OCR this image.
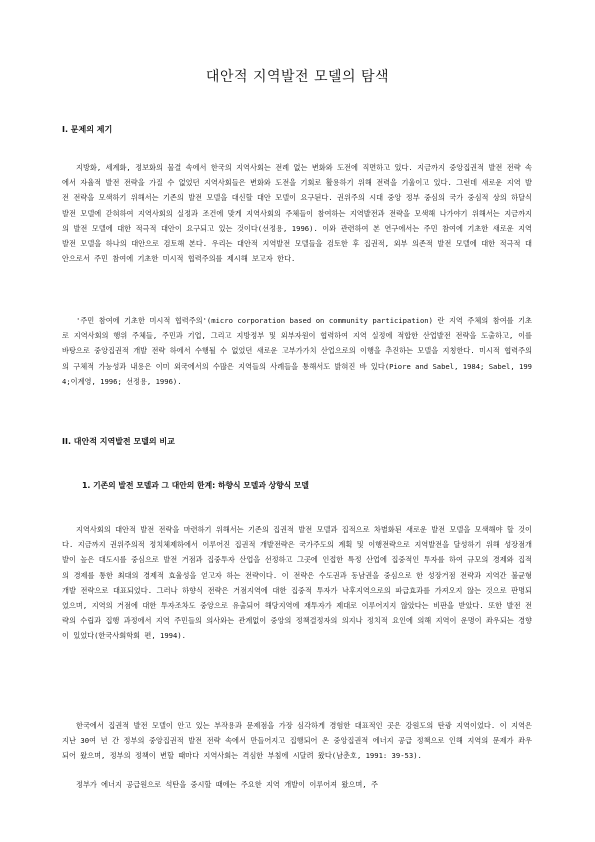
대안적 지역발전 모델의 탐색
I. 문제의 제기

지방화, 세계화, 정보화의 물결 속에서 한국의 지역사회는 전례 없는 변화와 도전에 직면하고 있다. 지금까지 중앙집권적 발전 전략 속에서 자율적 발전 전략을 가질 수 없었던 지역사회들은 변화와 도전을 기회로 활용하기 위해 전력을 기울이고 있다. 그런데 새로운 지역 발전 전략을 모색하기 위해서는 기존의 발전 모델을 대신할 대안 모델이 요구된다. 권위주의 시대 중앙 정부 중심의 국가 중심적 상의 하달식 발전 모델에 갇혀하여 지역사회의 실정과 조건에 맞게 지역사회의 주체들이 참여하는 지역발전과 전략을 모색해 나가야기 위해서는 지금까지의 발전 모델에 대한 적극적 대안이 요구되고 있는 것이다(선정용, 1996). 이와 관련하여 본 연구에서는 주민 참여에 기초한 새로운 지역발전 모델을 하나의 대안으로 검토해 본다. 우리는 대안적 지역발전 모델들을 검토한 후 집권적, 외부 의존적 발전 모델에 대한 적극적 대안으로서 주민 참여에 기초한 미시적 협력주의를 제시해 보고자 한다.

'주민 참여에 기초한 미시적 협력주의'(micro corporation based on community participation) 란 지역 주체의 참여를 기초로 지역사회의 행위 주체들, 주민과 기업, 그리고 지방정부 및 외부자원이 협력하여 지역 실정에 적합한 산업발전 전략을 도출하고, 이를 바탕으로 중앙집권적 개발 전략 하에서 수행될 수 없었던 새로운 고부가가치 산업으로의 이행을 추진하는 모델을 지칭한다. 미시적 협력주의의 구체적 가능성과 내용은 이미 외국에서의 수많은 지역들의 사례들을 통해서도 밝혀진 바 있다(Piore and Sabel, 1984; Sabel, 1994;이계영, 1996; 선정용, 1996).

II. 대안적 지역발전 모델의 비교
1. 기존의 발전 모델과 그 대안의 한계: 하향식 모델과 상향식 모델

지역사회의 대안적 발전 전략을 마련하기 위해서는 기존의 집권적 발전 모델과 집적으로 차별화된 새로운 발전 모델을 모색해야 할 것이다. 지금까지 권위주의적 정치체제하에서 이루어진 집권적 개발전략은 국가주도의 계획 및 이행전략으로 지역발전을 달성하기 위해 성장점개발이 높은 대도시를 중심으로 발전 거점과 집중투자 산업을 선정하고 그곳에 인접한 특정 산업에 집중적인 투자를 하여 규모의 경제와 집적의 경제를 통한 최대의 경제적 효율성을 얻고자 하는 전략이다. 이 전략은 수도권과 동남권을 중심으로 한 성장거점 전략과 지역간 불균형개발 전략으로 대표되었다. 그러나 하향식 전략은 거점지역에 대한 집중적 투자가 낙후지역으로의 파급효과를 가져오지 않는 것으로 판명되었으며, 지역의 거점에 대한 투자조차도 중앙으로 유출되어 해당지역에 재투자가 제대로 이루어지지 않았다는 비판을 받았다. 또한 발전 전략의 수립과 집행 과정에서 지역 주민들의 의사와는 관계없이 중앙의 정책결정자의 의지나 정치적 요인에 의해 지역이 운명이 좌우되는 경향이 있었다(한국사회학회 편, 1994).

한국에서 집권적 발전 모델이 안고 있는 부작용과 문제점을 가장 심각하게 경험한 대표적인 곳은 강원도의 탄광 지역이었다. 이 지역은 지난 30여 년 간 정부의 중앙집권적 발전 전략 속에서 만들어지고 집행되어 온 중앙집권적 에너지 공급 정책으로 인해 지역의 문제가 좌우되어 왔으며, 정부의 정책이 변할 때마다 지역사회는 격심한 부침에 시달려 왔다(남춘호, 1991: 39-53).

정부가 에너지 공급원으로 석탄을 중시할 때에는 주요한 지역 개발이 이루어져 왔으며, 주
